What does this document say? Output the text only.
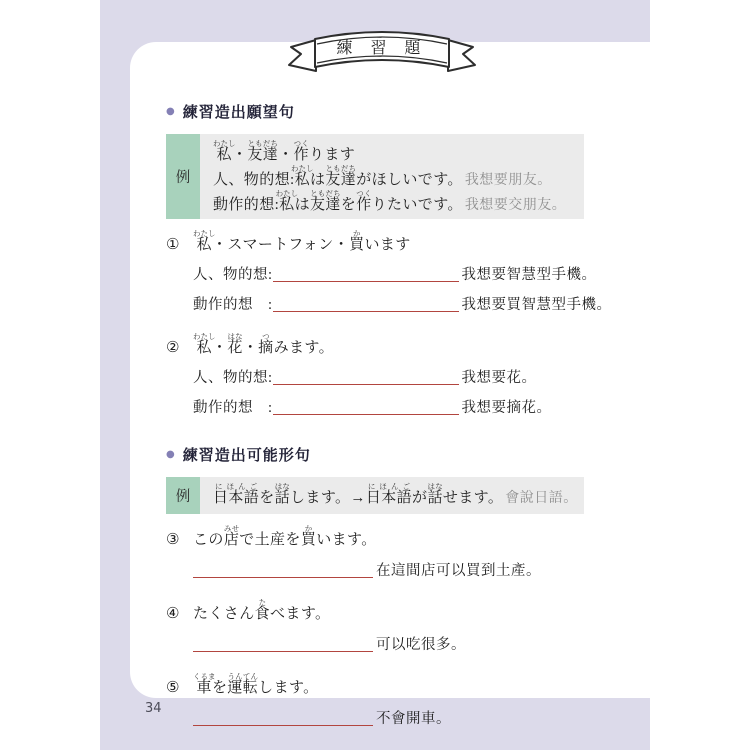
練 習 題
● 練習造出願望句
例
私わたし・友達ともだち・作つくります
人、物的想:私わたしは友達ともだちがほしいです。 我想要朋友。
動作的想:私わたしは友達ともだちを作つくりたいです。 我想要交朋友。
① 私わたし・スマートフォン・買かいます
人、物的想:	我想要智慧型手機。
動作的想　:	我想要買智慧型手機。
② 私わたし・花はな・摘つみます。
人、物的想:	我想要花。
動作的想　:	我想要摘花。
● 練習造出可能形句
例	日本語にほんごを話はなします。→日本語にほんごが話はなせます。 會說日語。
③ この店みせで土産を買かいます。
在這間店可以買到土產。
④ たくさん食たべます。
可以吃很多。
⑤ 車くるまを運転うんてんします。
不會開車。
34
